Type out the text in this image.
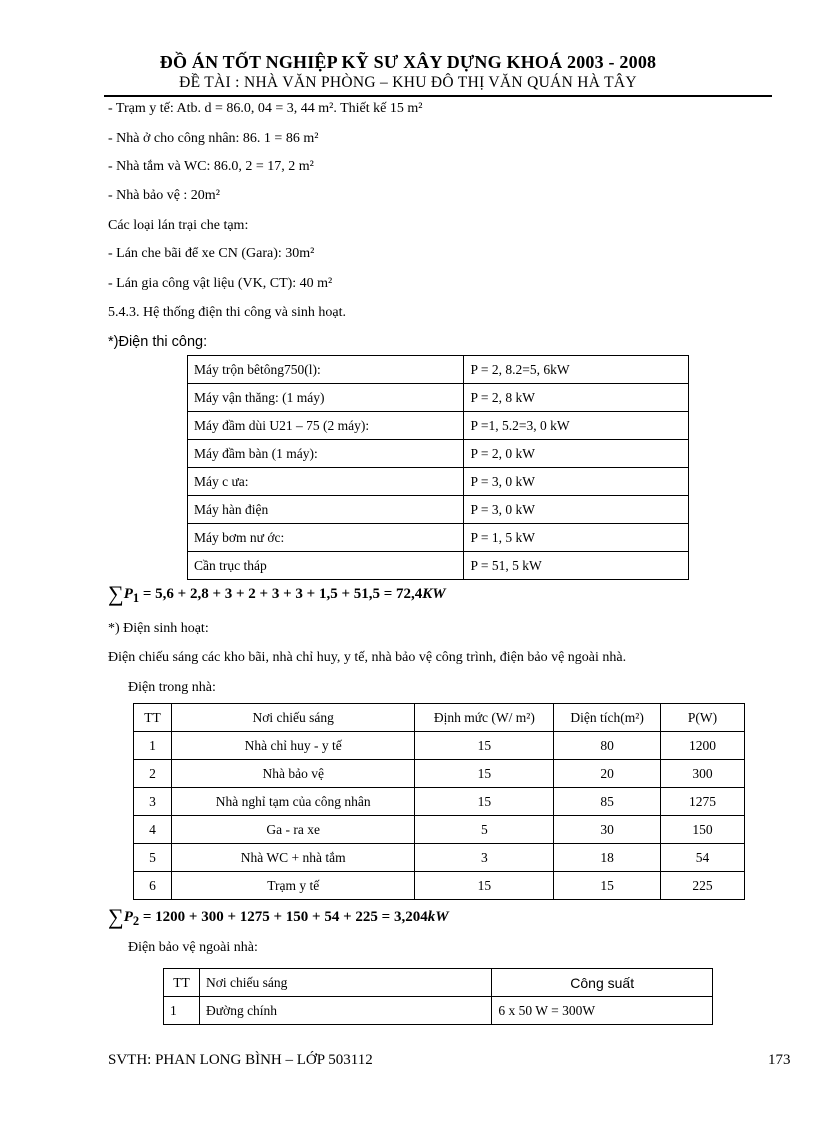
ĐỒ ÁN TỐT NGHIỆP KỸ SƯ XÂY DỰNG KHOÁ 2003 - 2008
ĐỀ TÀI : NHÀ VĂN PHÒNG – KHU ĐÔ THỊ VĂN QUÁN HÀ TÂY
- Trạm y tế: Atb. d = 86.0, 04 = 3, 44 m². Thiết kế 15 m²
- Nhà ở cho công nhân: 86. 1 = 86 m²
- Nhà tắm và WC: 86.0, 2 = 17, 2 m²
- Nhà bảo vệ : 20m²
Các loại lán trại che tạm:
- Lán che bãi để xe CN (Gara): 30m²
- Lán gia công vật liệu (VK, CT): 40 m²
5.4.3. Hệ thống điện thi công và sinh hoạt.
*)Điện thi công:
Máy trộn bêtông750(l):	P = 2, 8.2=5, 6kW
Máy vận thăng: (1 máy)	P = 2, 8 kW
Máy đầm dùi U21 – 75 (2 máy):	P =1, 5.2=3, 0 kW
Máy đầm bàn (1 máy):	P = 2, 0 kW
Máy c ưa:	P = 3, 0 kW
Máy hàn điện	P = 3, 0 kW
Máy bơm nư ớc:	P = 1, 5 kW
Cần trục tháp	P = 51, 5 kW
$\sum P_1 = 5,6 + 2,8 + 3 + 2 + 3 + 3 + 1,5 + 51,5 = 72,4KW$
*) Điện sinh hoạt:
Điện chiếu sáng các kho bãi, nhà chỉ huy, y tế, nhà bảo vệ công trình, điện bảo vệ ngoài nhà.
Điện trong nhà:
TT	Nơi chiếu sáng	Định mức (W/ m²)	Diện tích(m²)	P(W)
1	Nhà chỉ huy - y tế	15	80	1200
2	Nhà bảo vệ	15	20	300
3	Nhà nghỉ tạm của công nhân	15	85	1275
4	Ga - ra xe	5	30	150
5	Nhà WC + nhà tắm	3	18	54
6	Trạm y tế	15	15	225
$\sum P_2 = 1200 + 300 + 1275 + 150 + 54 + 225 = 3,204kW$
Điện bảo vệ ngoài nhà:
TT	Nơi chiếu sáng	Công suất
1	Đường chính	6 x 50 W = 300W
SVTH: PHAN LONG BÌNH – LỚP 503112	173
